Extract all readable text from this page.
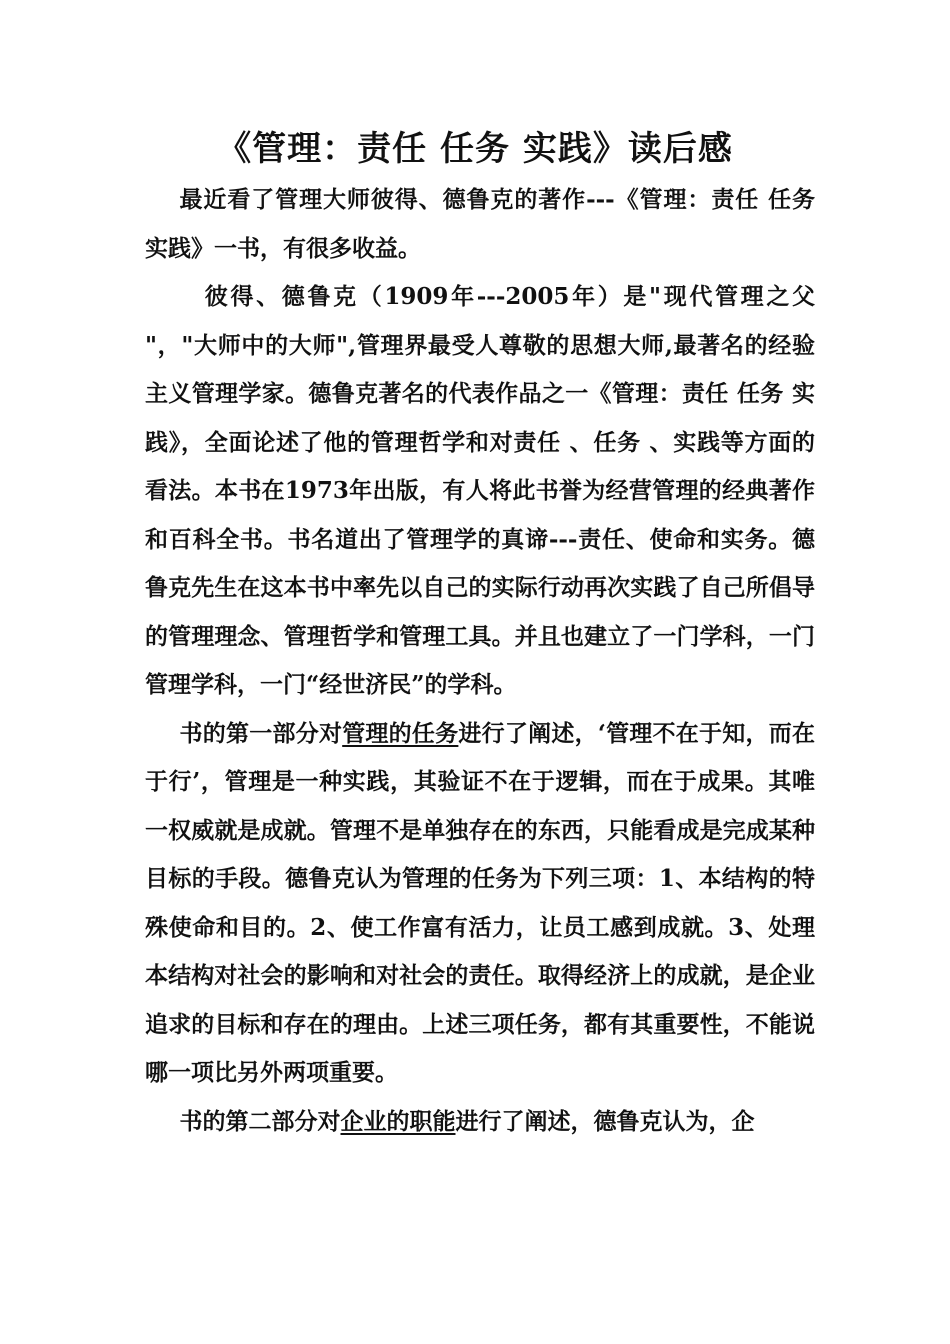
《管理：责任 任务 实践》读后感

最近看了管理大师彼得、德鲁克的著作---《管理：责任 任务 实践》一书，有很多收益。

彼得、德鲁克（1909年---2005年）是"现代管理之父 "，"大师中的大师",管理界最受人尊敬的思想大师,最著名的经验主义管理学家。德鲁克著名的代表作品之一《管理：责任 任务 实践》，全面论述了他的管理哲学和对责任 、任务 、实践等方面的看法。本书在1973年出版，有人将此书誉为经营管理的经典著作和百科全书。书名道出了管理学的真谛---责任、使命和实务。德鲁克先生在这本书中率先以自己的实际行动再次实践了自己所倡导的管理理念、管理哲学和管理工具。并且也建立了一门学科，一门管理学科，一门“经世济民”的学科。

书的第一部分对管理的任务进行了阐述，‘管理不在于知，而在于行’，管理是一种实践，其验证不在于逻辑，而在于成果。其唯一权威就是成就。管理不是单独存在的东西，只能看成是完成某种目标的手段。德鲁克认为管理的任务为下列三项：1、本结构的特殊使命和目的。2、使工作富有活力，让员工感到成就。3、处理本结构对社会的影响和对社会的责任。取得经济上的成就，是企业追求的目标和存在的理由。上述三项任务，都有其重要性，不能说哪一项比另外两项重要。

书的第二部分对企业的职能进行了阐述，德鲁克认为，企
